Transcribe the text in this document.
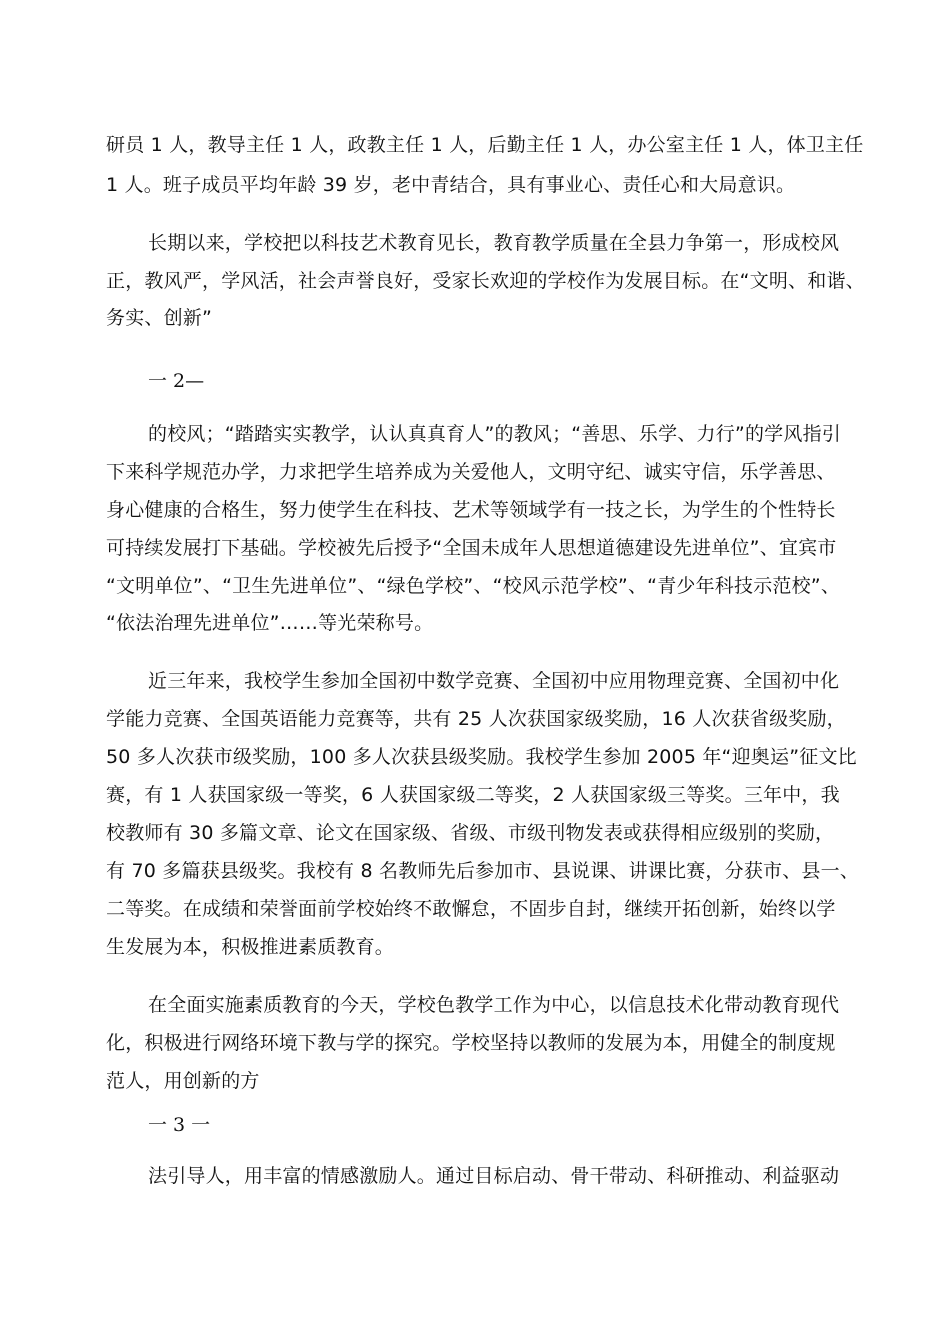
研员 1 人，教导主任 1 人，政教主任 1 人，后勤主任 1 人，办公室主任 1 人，体卫主任
1 人。班子成员平均年龄 39 岁，老中青结合，具有事业心、责任心和大局意识。
长期以来，学校把以科技艺术教育见长，教育教学质量在全县力争第一，形成校风
正，教风严，学风活，社会声誉良好，受家长欢迎的学校作为发展目标。在“文明、和谐、
务实、创新”
一 2—
的校风；“踏踏实实教学，认认真真育人”的教风；“善思、乐学、力行”的学风指引
下来科学规范办学，力求把学生培养成为关爱他人，文明守纪、诚实守信，乐学善思、
身心健康的合格生，努力使学生在科技、艺术等领域学有一技之长，为学生的个性特长
可持续发展打下基础。学校被先后授予“全国未成年人思想道德建设先进单位”、宜宾市
“文明单位”、“卫生先进单位”、“绿色学校”、“校风示范学校”、“青少年科技示范校”、
“依法治理先进单位”……等光荣称号。
近三年来，我校学生参加全国初中数学竞赛、全国初中应用物理竞赛、全国初中化
学能力竞赛、全国英语能力竞赛等，共有 25 人次获国家级奖励，16 人次获省级奖励，
50 多人次获市级奖励，100 多人次获县级奖励。我校学生参加 2005 年“迎奥运”征文比
赛，有 1 人获国家级一等奖，6 人获国家级二等奖，2 人获国家级三等奖。三年中，我
校教师有 30 多篇文章、论文在国家级、省级、市级刊物发表或获得相应级别的奖励，
有 70 多篇获县级奖。我校有 8 名教师先后参加市、县说课、讲课比赛，分获市、县一、
二等奖。在成绩和荣誉面前学校始终不敢懈怠，不固步自封，继续开拓创新，始终以学
生发展为本，积极推进素质教育。
在全面实施素质教育的今天，学校色教学工作为中心，以信息技术化带动教育现代
化，积极进行网络环境下教与学的探究。学校坚持以教师的发展为本，用健全的制度规
范人，用创新的方
一 3 一
法引导人，用丰富的情感激励人。通过目标启动、骨干带动、科研推动、利益驱动
